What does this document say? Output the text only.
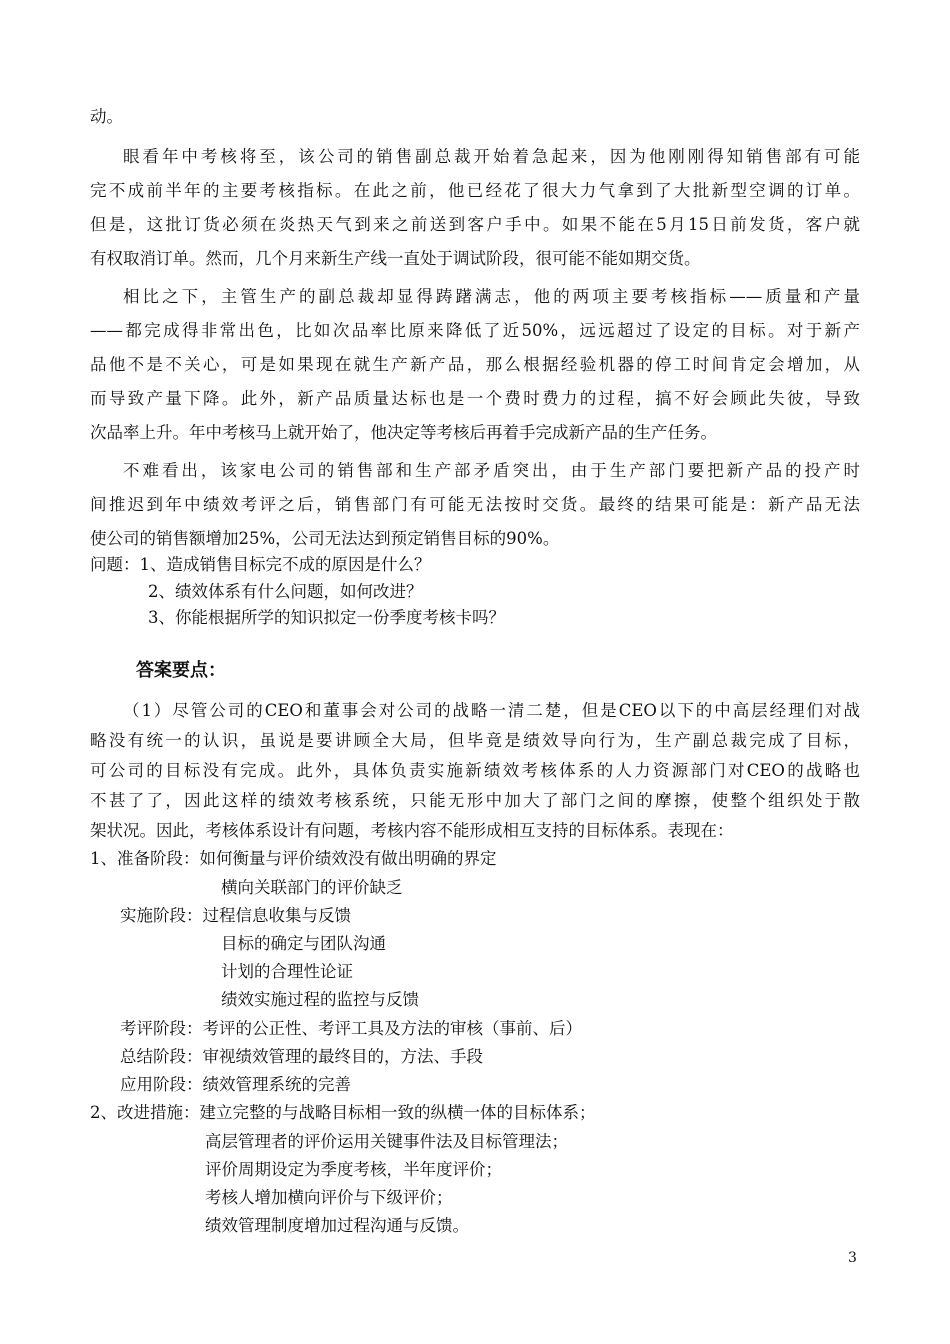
动。
眼看年中考核将至，该公司的销售副总裁开始着急起来，因为他刚刚得知销售部有可能
完不成前半年的主要考核指标。在此之前，他已经花了很大力气拿到了大批新型空调的订单。
但是，这批订货必须在炎热天气到来之前送到客户手中。如果不能在5月15日前发货，客户就
有权取消订单。然而，几个月来新生产线一直处于调试阶段，很可能不能如期交货。
相比之下，主管生产的副总裁却显得踌躇满志，他的两项主要考核指标——质量和产量
——都完成得非常出色，比如次品率比原来降低了近50%，远远超过了设定的目标。对于新产
品他不是不关心，可是如果现在就生产新产品，那么根据经验机器的停工时间肯定会增加，从
而导致产量下降。此外，新产品质量达标也是一个费时费力的过程，搞不好会顾此失彼，导致
次品率上升。年中考核马上就开始了，他决定等考核后再着手完成新产品的生产任务。
不难看出，该家电公司的销售部和生产部矛盾突出，由于生产部门要把新产品的投产时
间推迟到年中绩效考评之后，销售部门有可能无法按时交货。最终的结果可能是：新产品无法
使公司的销售额增加25%，公司无法达到预定销售目标的90%。
问题：1、造成销售目标完不成的原因是什么？
2、绩效体系有什么问题，如何改进？
3、你能根据所学的知识拟定一份季度考核卡吗？
答案要点：
（1）尽管公司的CEO和董事会对公司的战略一清二楚，但是CEO以下的中高层经理们对战
略没有统一的认识，虽说是要讲顾全大局，但毕竟是绩效导向行为，生产副总裁完成了目标，
可公司的目标没有完成。此外，具体负责实施新绩效考核体系的人力资源部门对CEO的战略也
不甚了了，因此这样的绩效考核系统，只能无形中加大了部门之间的摩擦，使整个组织处于散
架状况。因此，考核体系设计有问题，考核内容不能形成相互支持的目标体系。表现在：
1、准备阶段：如何衡量与评价绩效没有做出明确的界定
横向关联部门的评价缺乏
实施阶段：过程信息收集与反馈
目标的确定与团队沟通
计划的合理性论证
绩效实施过程的监控与反馈
考评阶段：考评的公正性、考评工具及方法的审核（事前、后）
总结阶段：审视绩效管理的最终目的，方法、手段
应用阶段：绩效管理系统的完善
2、改进措施：建立完整的与战略目标相一致的纵横一体的目标体系；
高层管理者的评价运用关键事件法及目标管理法；
评价周期设定为季度考核，半年度评价；
考核人增加横向评价与下级评价；
绩效管理制度增加过程沟通与反馈。
3
